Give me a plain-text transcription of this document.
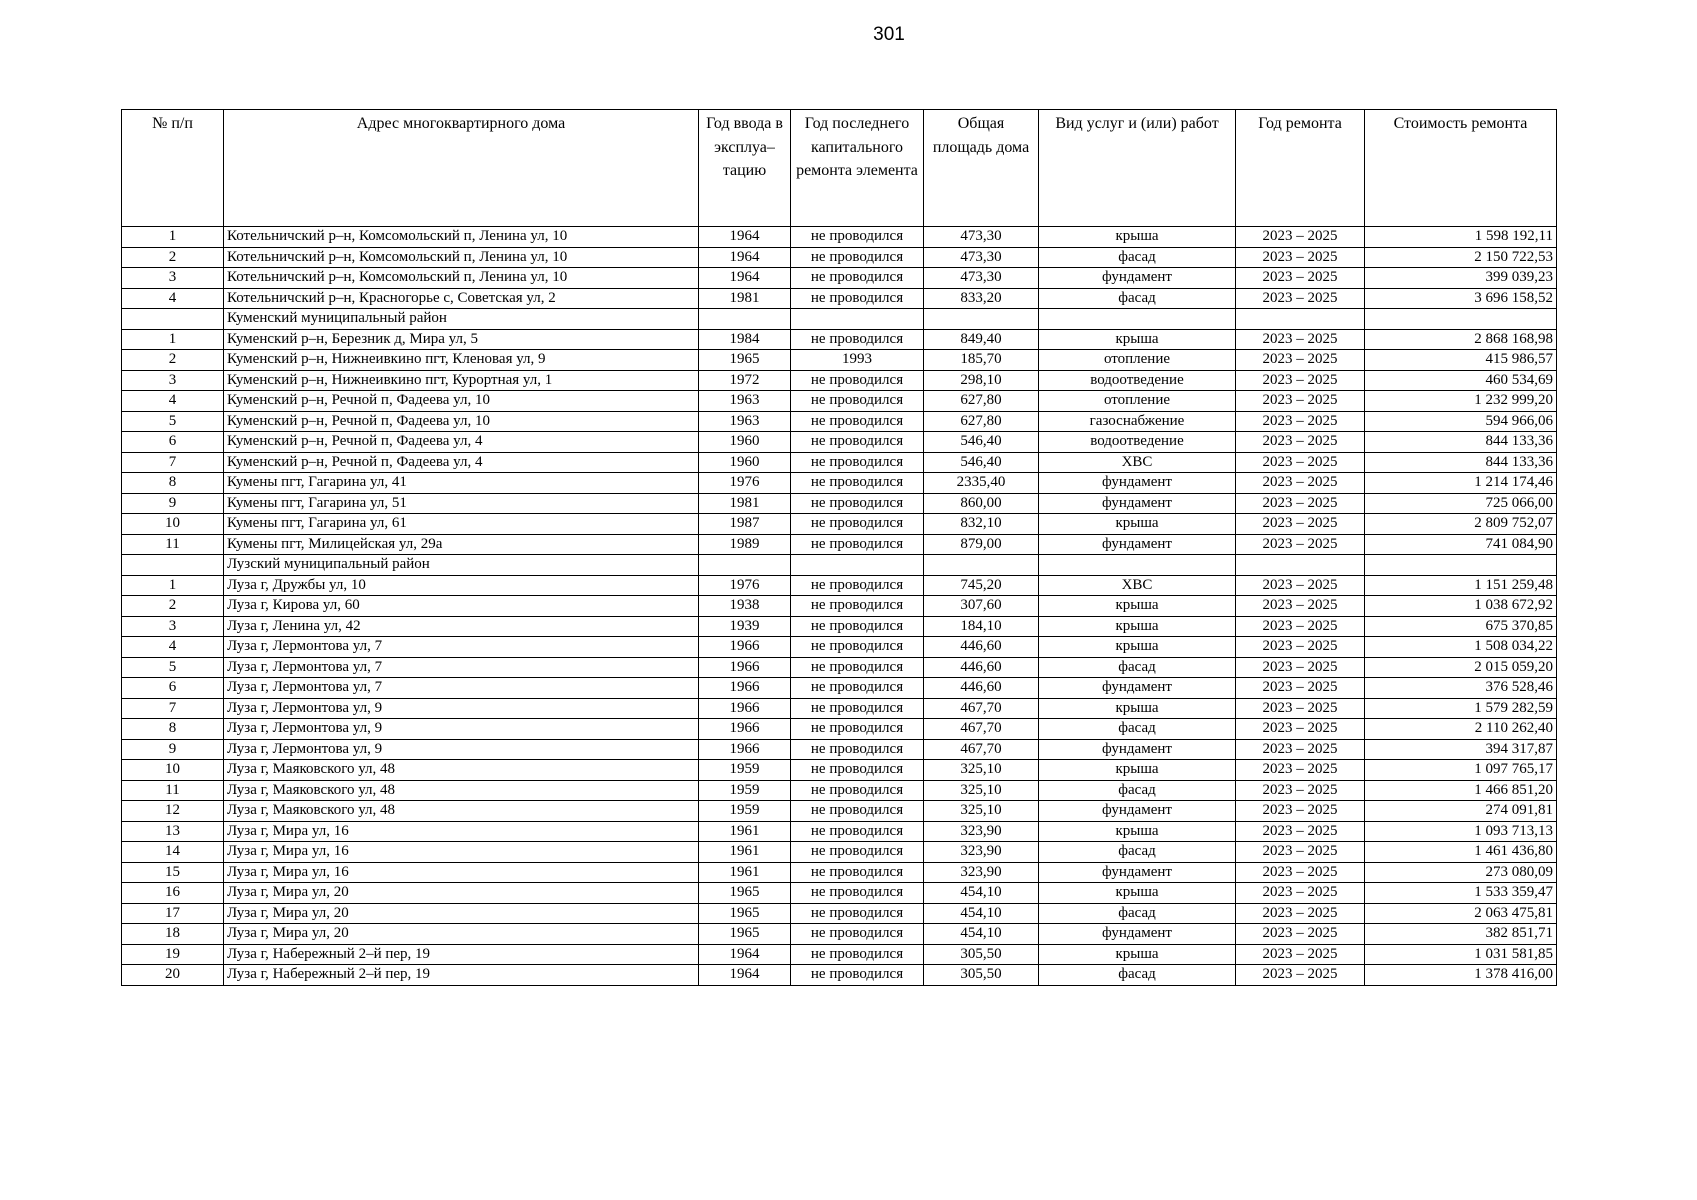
301
№ п/п	Адрес многоквартирного дома	Год ввода в эксплуа–тацию	Год последнего капитального ремонта элемента	Общая площадь дома	Вид услуг и (или) работ	Год ремонта	Стоимость ремонта
1	Котельничский р–н, Комсомольский п, Ленина ул, 10	1964	не проводился	473,30	крыша	2023 – 2025	1 598 192,11
2	Котельничский р–н, Комсомольский п, Ленина ул, 10	1964	не проводился	473,30	фасад	2023 – 2025	2 150 722,53
3	Котельничский р–н, Комсомольский п, Ленина ул, 10	1964	не проводился	473,30	фундамент	2023 – 2025	399 039,23
4	Котельничский р–н, Красногорье с, Советская ул, 2	1981	не проводился	833,20	фасад	2023 – 2025	3 696 158,52
	Куменский муниципальный район						
1	Куменский р–н, Березник д, Мира ул, 5	1984	не проводился	849,40	крыша	2023 – 2025	2 868 168,98
2	Куменский р–н, Нижнеивкино пгт, Кленовая ул, 9	1965	1993	185,70	отопление	2023 – 2025	415 986,57
3	Куменский р–н, Нижнеивкино пгт, Курортная ул, 1	1972	не проводился	298,10	водоотведение	2023 – 2025	460 534,69
4	Куменский р–н, Речной п, Фадеева ул, 10	1963	не проводился	627,80	отопление	2023 – 2025	1 232 999,20
5	Куменский р–н, Речной п, Фадеева ул, 10	1963	не проводился	627,80	газоснабжение	2023 – 2025	594 966,06
6	Куменский р–н, Речной п, Фадеева ул, 4	1960	не проводился	546,40	водоотведение	2023 – 2025	844 133,36
7	Куменский р–н, Речной п, Фадеева ул, 4	1960	не проводился	546,40	ХВС	2023 – 2025	844 133,36
8	Кумены пгт, Гагарина ул, 41	1976	не проводился	2335,40	фундамент	2023 – 2025	1 214 174,46
9	Кумены пгт, Гагарина ул, 51	1981	не проводился	860,00	фундамент	2023 – 2025	725 066,00
10	Кумены пгт, Гагарина ул, 61	1987	не проводился	832,10	крыша	2023 – 2025	2 809 752,07
11	Кумены пгт, Милицейская ул, 29а	1989	не проводился	879,00	фундамент	2023 – 2025	741 084,90
	Лузский муниципальный район						
1	Луза г, Дружбы ул, 10	1976	не проводился	745,20	ХВС	2023 – 2025	1 151 259,48
2	Луза г, Кирова ул, 60	1938	не проводился	307,60	крыша	2023 – 2025	1 038 672,92
3	Луза г, Ленина ул, 42	1939	не проводился	184,10	крыша	2023 – 2025	675 370,85
4	Луза г, Лермонтова ул, 7	1966	не проводился	446,60	крыша	2023 – 2025	1 508 034,22
5	Луза г, Лермонтова ул, 7	1966	не проводился	446,60	фасад	2023 – 2025	2 015 059,20
6	Луза г, Лермонтова ул, 7	1966	не проводился	446,60	фундамент	2023 – 2025	376 528,46
7	Луза г, Лермонтова ул, 9	1966	не проводился	467,70	крыша	2023 – 2025	1 579 282,59
8	Луза г, Лермонтова ул, 9	1966	не проводился	467,70	фасад	2023 – 2025	2 110 262,40
9	Луза г, Лермонтова ул, 9	1966	не проводился	467,70	фундамент	2023 – 2025	394 317,87
10	Луза г, Маяковского ул, 48	1959	не проводился	325,10	крыша	2023 – 2025	1 097 765,17
11	Луза г, Маяковского ул, 48	1959	не проводился	325,10	фасад	2023 – 2025	1 466 851,20
12	Луза г, Маяковского ул, 48	1959	не проводился	325,10	фундамент	2023 – 2025	274 091,81
13	Луза г, Мира ул, 16	1961	не проводился	323,90	крыша	2023 – 2025	1 093 713,13
14	Луза г, Мира ул, 16	1961	не проводился	323,90	фасад	2023 – 2025	1 461 436,80
15	Луза г, Мира ул, 16	1961	не проводился	323,90	фундамент	2023 – 2025	273 080,09
16	Луза г, Мира ул, 20	1965	не проводился	454,10	крыша	2023 – 2025	1 533 359,47
17	Луза г, Мира ул, 20	1965	не проводился	454,10	фасад	2023 – 2025	2 063 475,81
18	Луза г, Мира ул, 20	1965	не проводился	454,10	фундамент	2023 – 2025	382 851,71
19	Луза г, Набережный 2–й пер, 19	1964	не проводился	305,50	крыша	2023 – 2025	1 031 581,85
20	Луза г, Набережный 2–й пер, 19	1964	не проводился	305,50	фасад	2023 – 2025	1 378 416,00
